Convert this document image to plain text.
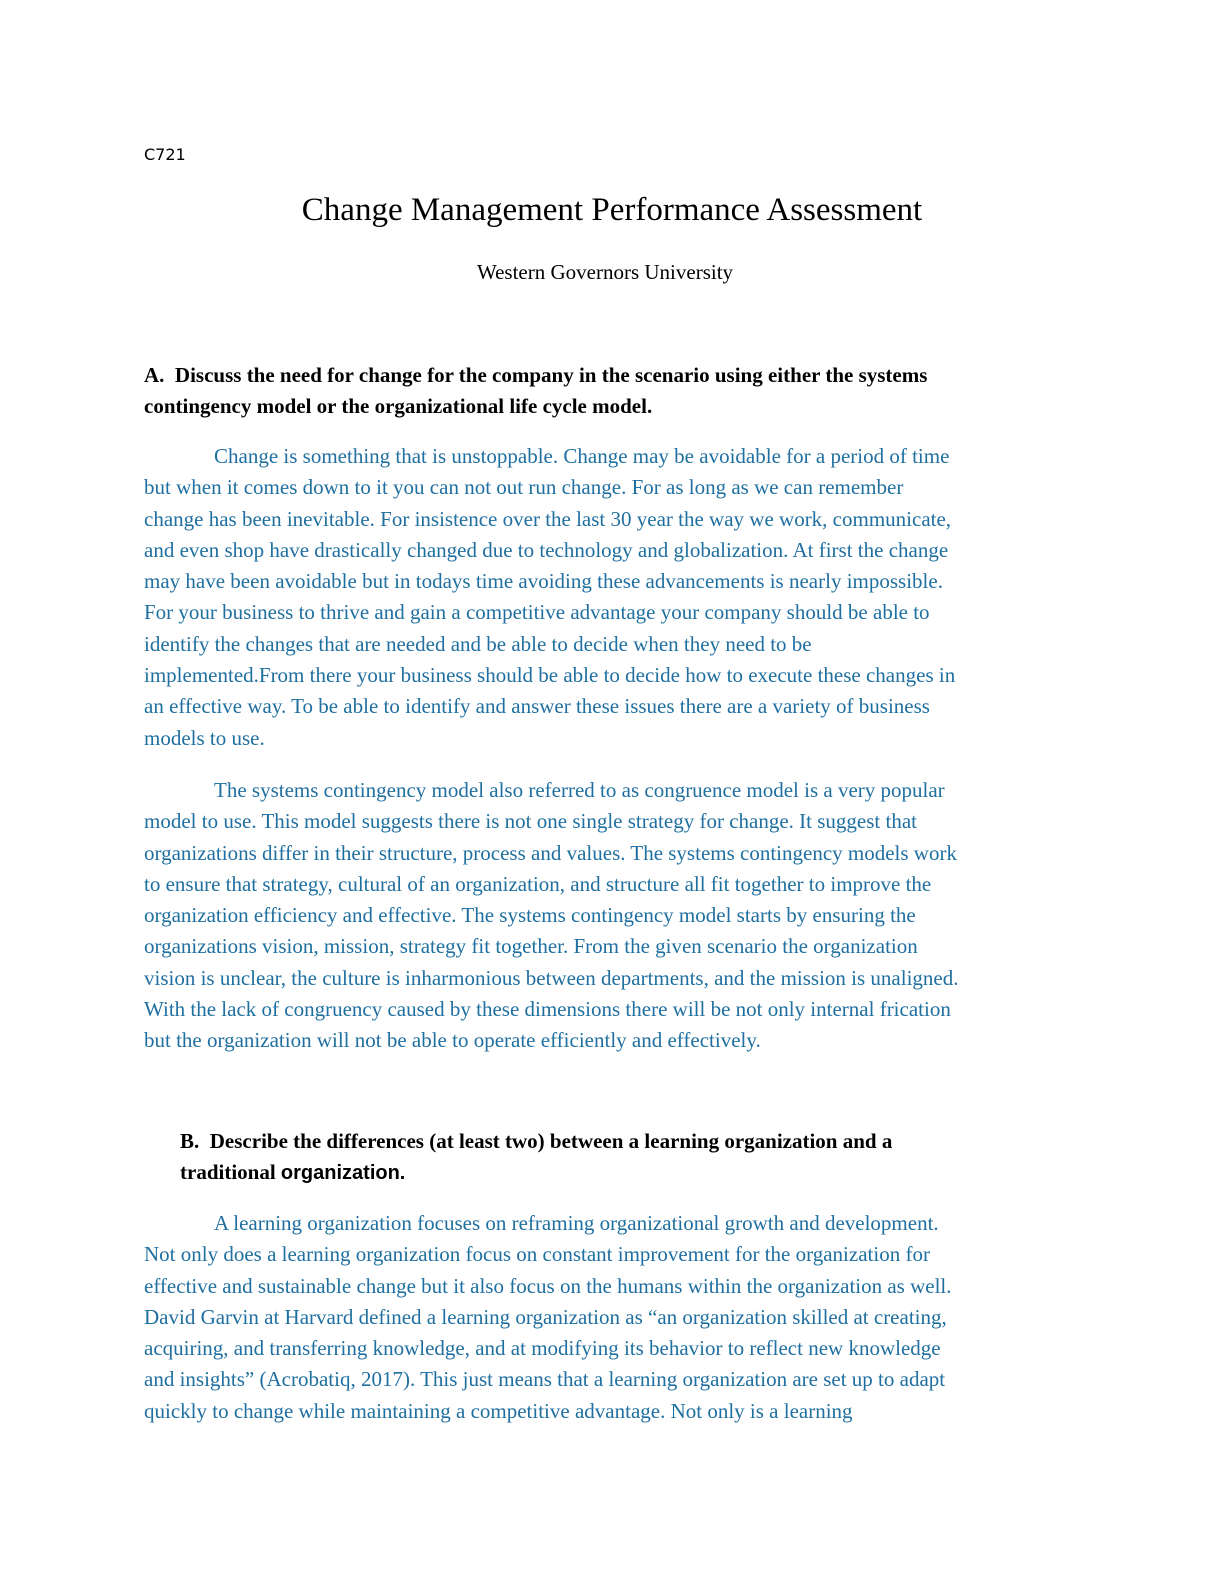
C721

Change Management Performance Assessment

Western Governors University

A. Discuss the need for change for the company in the scenario using either the systems
contingency model or the organizational life cycle model.
Change is something that is unstoppable. Change may be avoidable for a period of time
but when it comes down to it you can not out run change. For as long as we can remember
change has been inevitable. For insistence over the last 30 year the way we work, communicate,
and even shop have drastically changed due to technology and globalization. At first the change
may have been avoidable but in todays time avoiding these advancements is nearly impossible.
For your business to thrive and gain a competitive advantage your company should be able to
identify the changes that are needed and be able to decide when they need to be
implemented.From there your business should be able to decide how to execute these changes in
an effective way. To be able to identify and answer these issues there are a variety of business
models to use.
The systems contingency model also referred to as congruence model is a very popular
model to use. This model suggests there is not one single strategy for change. It suggest that
organizations differ in their structure, process and values. The systems contingency models work
to ensure that strategy, cultural of an organization, and structure all fit together to improve the
organization efficiency and effective. The systems contingency model starts by ensuring the
organizations vision, mission, strategy fit together. From the given scenario the organization
vision is unclear, the culture is inharmonious between departments, and the mission is unaligned.
With the lack of congruency caused by these dimensions there will be not only internal frication
but the organization will not be able to operate efficiently and effectively.
B. Describe the differences (at least two) between a learning organization and a
traditional organization.
A learning organization focuses on reframing organizational growth and development.
Not only does a learning organization focus on constant improvement for the organization for
effective and sustainable change but it also focus on the humans within the organization as well.
David Garvin at Harvard defined a learning organization as “an organization skilled at creating,
acquiring, and transferring knowledge, and at modifying its behavior to reflect new knowledge
and insights” (Acrobatiq, 2017). This just means that a learning organization are set up to adapt
quickly to change while maintaining a competitive advantage. Not only is a learning
